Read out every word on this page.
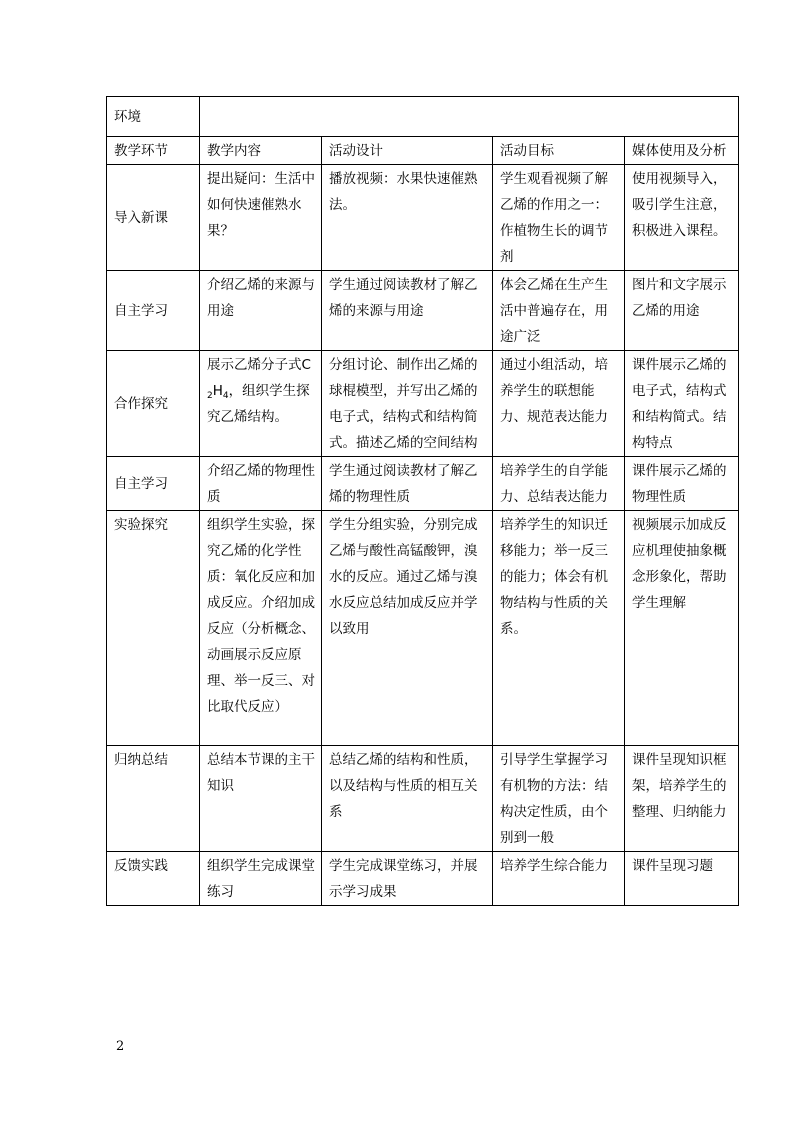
环境				
教学环节	教学内容	活动设计	活动目标	媒体使用及分析
导入新课	提出疑问：生活中如何快速催熟水果？	播放视频：水果快速催熟法。	学生观看视频了解乙烯的作用之一：作植物生长的调节剂	使用视频导入，吸引学生注意，积极进入课程。
自主学习	介绍乙烯的来源与用途	学生通过阅读教材了解乙烯的来源与用途	体会乙烯在生产生活中普遍存在，用途广泛	图片和文字展示乙烯的用途
合作探究	展示乙烯分子式$C_2H_4$，组织学生探究乙烯结构。	分组讨论、制作出乙烯的球棍模型，并写出乙烯的电子式，结构式和结构简式。描述乙烯的空间结构	通过小组活动，培养学生的联想能力、规范表达能力	课件展示乙烯的电子式，结构式和结构简式。结构特点
自主学习	介绍乙烯的物理性质	学生通过阅读教材了解乙烯的物理性质	培养学生的自学能力、总结表达能力	课件展示乙烯的物理性质
实验探究	组织学生实验，探究乙烯的化学性质：氧化反应和加成反应。介绍加成反应（分析概念、动画展示反应原理、举一反三、对比取代反应）	学生分组实验，分别完成乙烯与酸性高锰酸钾，溴水的反应。通过乙烯与溴水反应总结加成反应并学以致用	培养学生的知识迁移能力；举一反三的能力；体会有机物结构与性质的关系。	视频展示加成反应机理使抽象概念形象化，帮助学生理解
归纳总结	总结本节课的主干知识	总结乙烯的结构和性质，以及结构与性质的相互关系	引导学生掌握学习有机物的方法：结构决定性质，由个别到一般	课件呈现知识框架，培养学生的整理、归纳能力
反馈实践	组织学生完成课堂练习	学生完成课堂练习，并展示学习成果	培养学生综合能力	课件呈现习题
2
